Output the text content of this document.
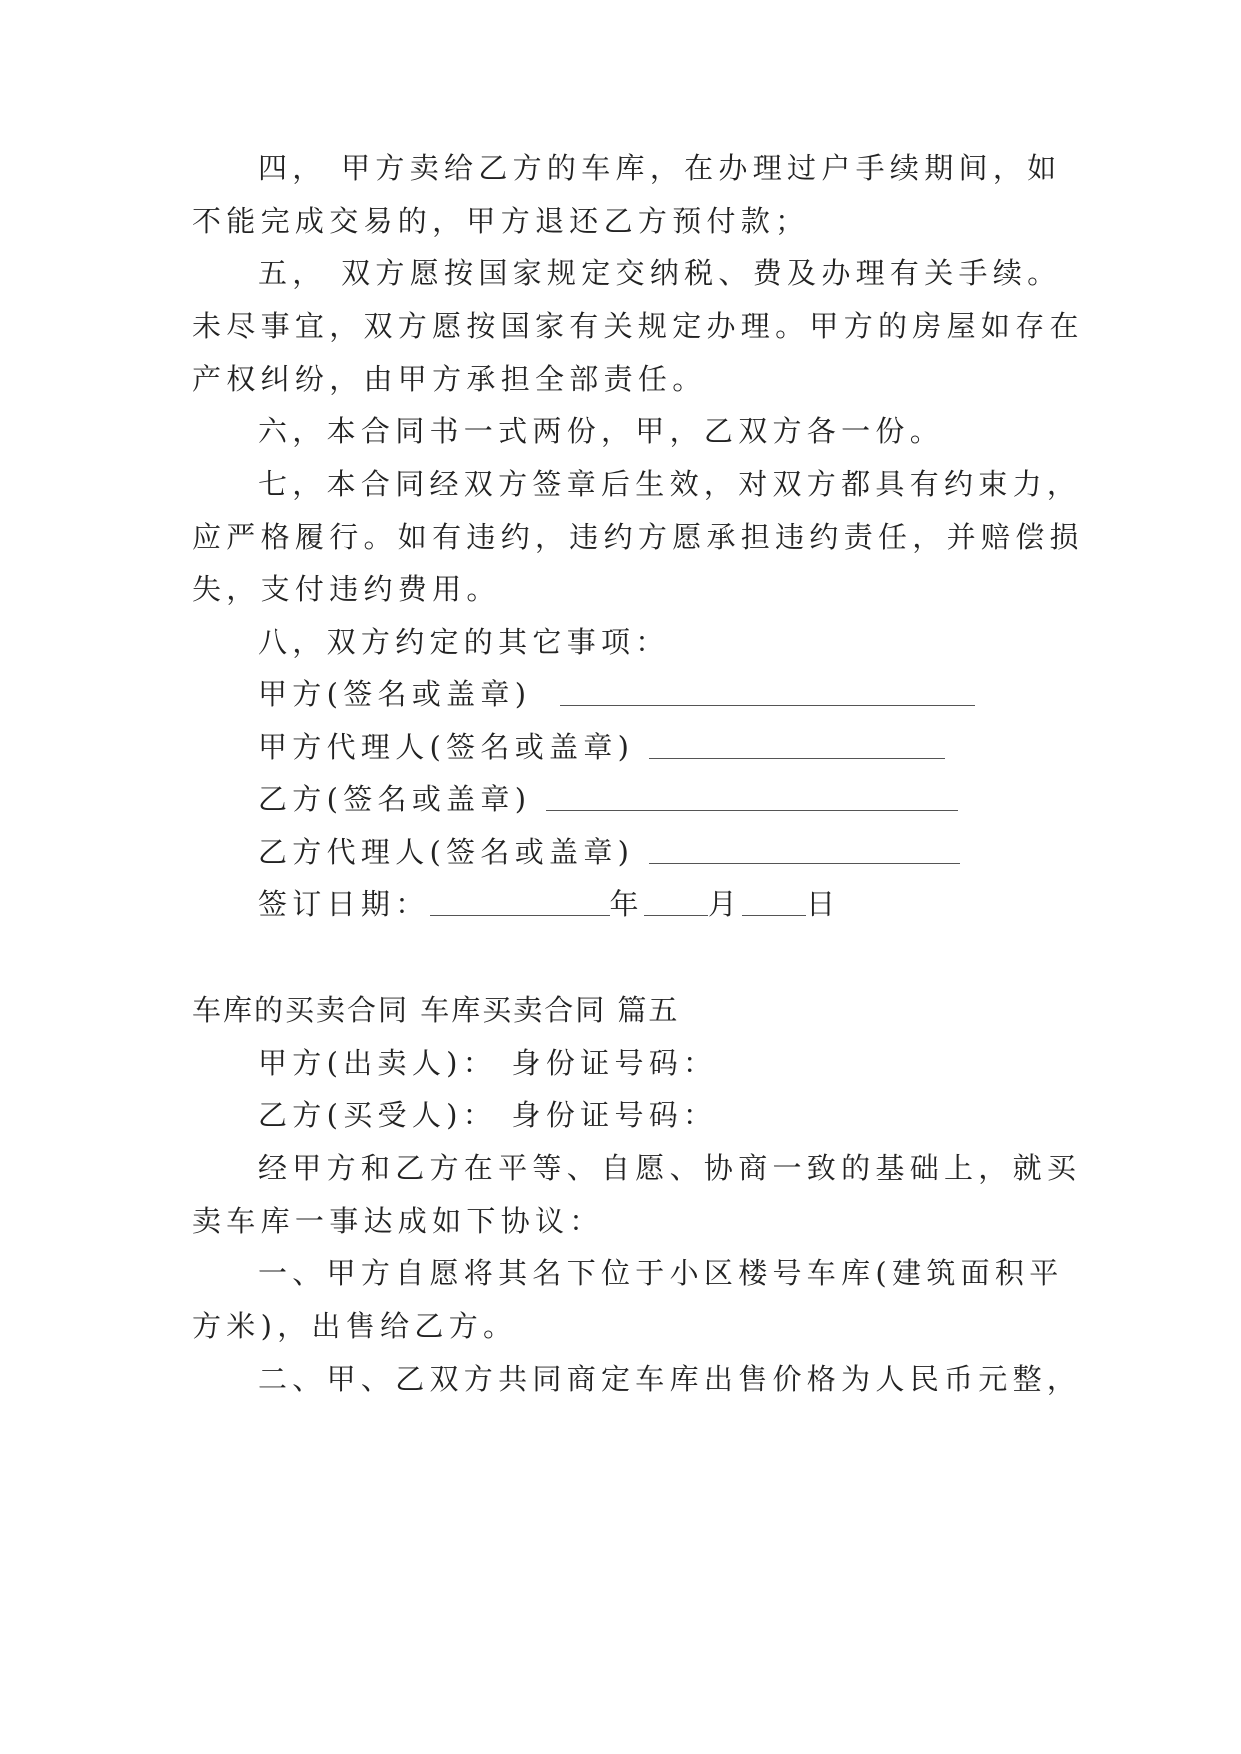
四， 甲方卖给乙方的车库，在办理过户手续期间，如
不能完成交易的，甲方退还乙方预付款；
五， 双方愿按国家规定交纳税、费及办理有关手续。
未尽事宜，双方愿按国家有关规定办理。甲方的房屋如存在
产权纠纷，由甲方承担全部责任。
六，本合同书一式两份，甲，乙双方各一份。
七，本合同经双方签章后生效，对双方都具有约束力，
应严格履行。如有违约，违约方愿承担违约责任，并赔偿损
失，支付违约费用。
八，双方约定的其它事项：
甲方(签名或盖章)
甲方代理人(签名或盖章)
乙方(签名或盖章)
乙方代理人(签名或盖章)
签订日期：	年 月 日
车库的买卖合同 车库买卖合同 篇五
甲方(出卖人)： 身份证号码：
乙方(买受人)： 身份证号码：
经甲方和乙方在平等、自愿、协商一致的基础上，就买
卖车库一事达成如下协议：
一、甲方自愿将其名下位于小区楼号车库(建筑面积平
方米)，出售给乙方。
二、甲、乙双方共同商定车库出售价格为人民币元整，
